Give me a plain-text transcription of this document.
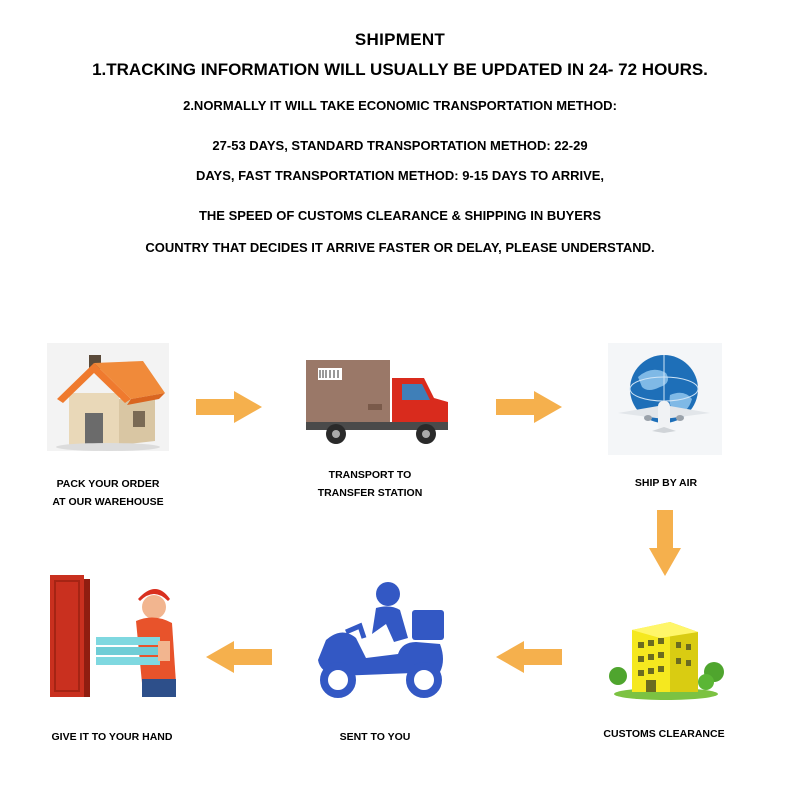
SHIPMENT
1.TRACKING INFORMATION WILL USUALLY BE UPDATED IN 24- 72 HOURS.
2.NORMALLY IT WILL TAKE ECONOMIC TRANSPORTATION METHOD:
27-53 DAYS, STANDARD TRANSPORTATION METHOD: 22-29
DAYS, FAST TRANSPORTATION METHOD: 9-15 DAYS TO ARRIVE,
THE SPEED OF CUSTOMS CLEARANCE & SHIPPING IN BUYERS
COUNTRY THAT DECIDES IT ARRIVE FASTER OR DELAY, PLEASE UNDERSTAND.
PACK YOUR ORDER
AT OUR WAREHOUSE
TRANSPORT TO
TRANSFER STATION
SHIP BY AIR
CUSTOMS CLEARANCE
SENT TO YOU
GIVE IT TO YOUR HAND
